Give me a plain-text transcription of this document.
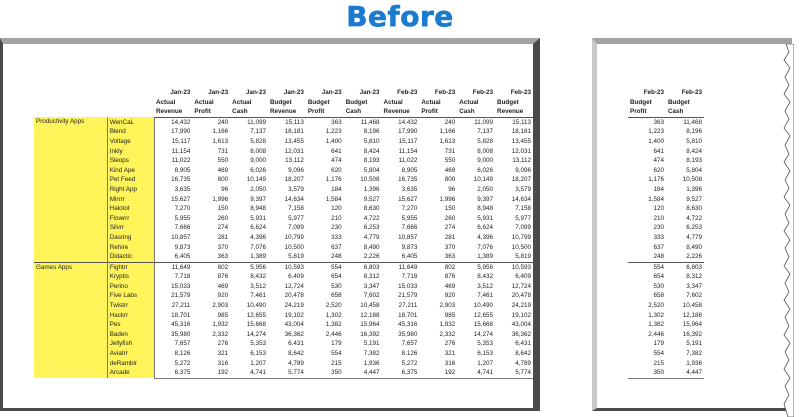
Before
		Jan-23	Jan-23	Jan-23	Jan-23	Jan-23	Jan-23	Feb-23	Feb-23	Feb-23	Feb-23
		Actual	Actual	Actual	Budget	Budget	Budget	Actual	Actual	Actual	Budget
		Revenue	Profit	Cash	Revenue	Profit	Cash	Revenue	Profit	Cash	Revenue
Productivity Apps	WenCaL	14,432	240	11,099	15,113	363	11,468	14,432	240	11,099	15,113
	Blend	17,990	1,166	7,137	18,181	1,223	8,196	17,990	1,166	7,137	18,181
	Voltage	15,117	1,613	5,828	13,455	1,400	5,810	15,117	1,613	5,828	13,455
	Inkly	11,154	731	8,008	12,031	641	8,424	11,154	731	8,008	12,031
	Sleops	11,022	550	9,000	13,112	474	8,193	11,022	550	9,000	13,112
	Kind Ape	8,905	469	6,026	9,096	620	5,804	8,905	469	6,026	9,096
	Pet Feed	16,735	800	10,149	18,207	1,176	10,508	16,735	800	10,149	18,207
	Right App	3,635	96	2,050	3,579	184	1,396	3,635	96	2,050	3,579
	Mirrrr	15,627	1,996	9,397	14,634	1,584	9,527	15,627	1,996	9,397	14,634
	Halotot	7,270	150	8,948	7,158	120	8,630	7,270	150	8,948	7,158
	Flowrrr	5,955	260	5,931	5,977	210	4,722	5,955	260	5,931	5,977
	Silvrr	7,666	274	6,624	7,099	230	6,253	7,666	274	6,624	7,099
	Dasring	10,857	281	4,396	10,799	333	4,779	10,857	281	4,396	10,799
	Rehire	9,873	370	7,076	10,500	637	8,490	9,873	370	7,076	10,500
	Didactic	6,405	363	1,389	5,819	248	2,226	6,405	363	1,389	5,819
Games Apps	Fightrr	11,649	802	5,956	10,593	554	6,803	11,649	802	5,956	10,593
	Kryptis	7,718	876	8,432	6,409	654	8,312	7,718	876	8,432	6,409
	Perino	15,033	469	3,512	12,724	530	3,347	15,033	469	3,512	12,724
	Five Labs	21,579	920	7,461	20,478	658	7,602	21,579	920	7,461	20,478
	Twistrr	27,211	2,903	10,490	24,219	2,520	10,458	27,211	2,903	10,490	24,219
	Hackrr	18,701	985	12,655	19,102	1,302	12,188	18,701	985	12,655	19,102
	Pes	45,316	1,932	15,668	43,004	1,382	15,964	45,316	1,932	15,668	43,004
	Baden	35,980	2,332	14,274	36,362	2,446	16,392	35,980	2,332	14,274	36,362
	Jellyfish	7,657	276	5,353	6,431	179	5,191	7,657	276	5,353	6,431
	Aviatrr	8,126	321	6,153	8,642	554	7,382	8,126	321	6,153	8,642
	deRamblr	5,272	316	1,207	4,789	215	1,936	5,272	316	1,207	4,789
	Arcade	6,375	192	4,741	5,774	350	4,447	6,375	192	4,741	5,774
Feb-23	Feb-23
Budget	Budget
Profit	Cash
363	11,468
1,223	8,196
1,400	5,810
641	8,424
474	8,193
620	5,804
1,176	10,508
184	1,396
1,584	9,527
120	8,630
210	4,722
230	6,253
333	4,779
637	8,490
248	2,226
554	6,803
654	8,312
530	3,347
658	7,602
2,520	10,458
1,302	12,188
1,382	15,964
2,446	16,392
179	5,191
554	7,382
215	1,936
350	4,447
